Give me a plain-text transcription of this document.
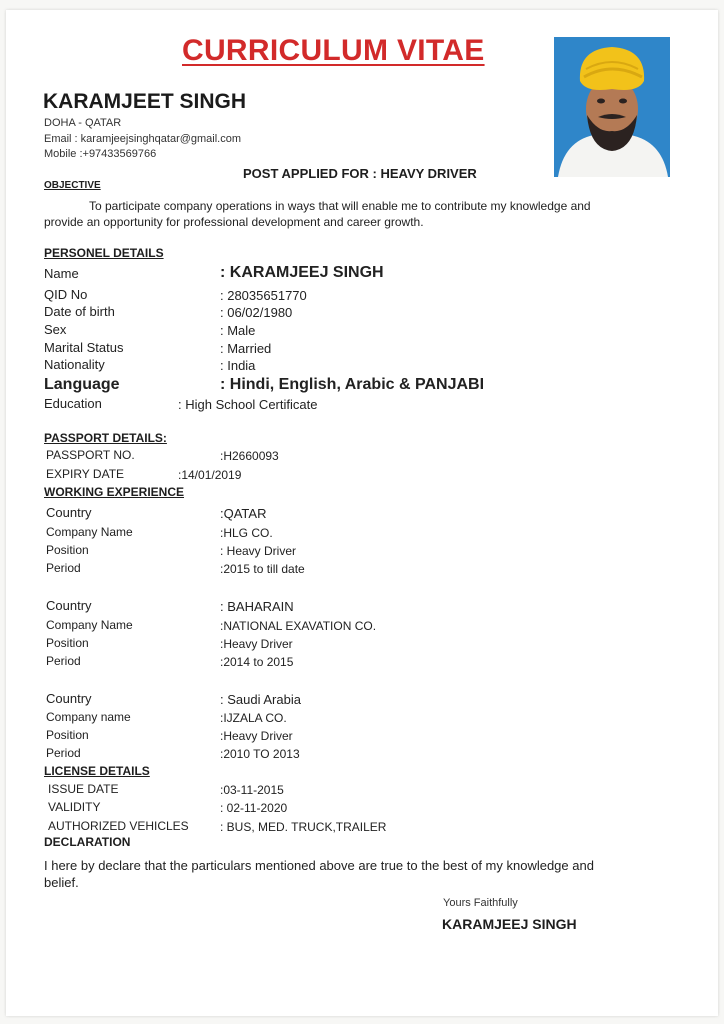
CURRICULUM VITAE
KARAMJEET SINGH
DOHA - QATAR
Email : karamjeejsinghqatar@gmail.com
Mobile :+97433569766
POST APPLIED FOR : HEAVY DRIVER
OBJECTIVE
To participate company operations in ways that will enable me to contribute my knowledge and
provide an opportunity for professional development and career growth.
PERSONEL DETAILS
Name	: KARAMJEEJ SINGH
QID No	: 28035651770
Date of birth	: 06/02/1980
Sex	: Male
Marital Status	: Married
Nationality	: India
Language	: Hindi, English, Arabic & PANJABI
Education	: High School Certificate
PASSPORT DETAILS:
PASSPORT NO.	:H2660093
EXPIRY DATE	:14/01/2019
WORKING EXPERIENCE
Country	:QATAR
Company Name	:HLG CO.
Position	: Heavy Driver
Period	:2015 to till date
Country	: BAHARAIN
Company Name	:NATIONAL EXAVATION CO.
Position	:Heavy Driver
Period	:2014 to 2015
Country	: Saudi Arabia
Company name	:IJZALA CO.
Position	:Heavy Driver
Period	:2010 TO 2013
LICENSE DETAILS
ISSUE DATE	:03-11-2015
VALIDITY	: 02-11-2020
AUTHORIZED VEHICLES	: BUS, MED. TRUCK,TRAILER
DECLARATION
I here by declare that the particulars mentioned above are true to the best of my knowledge and
belief.
Yours Faithfully
KARAMJEEJ SINGH
